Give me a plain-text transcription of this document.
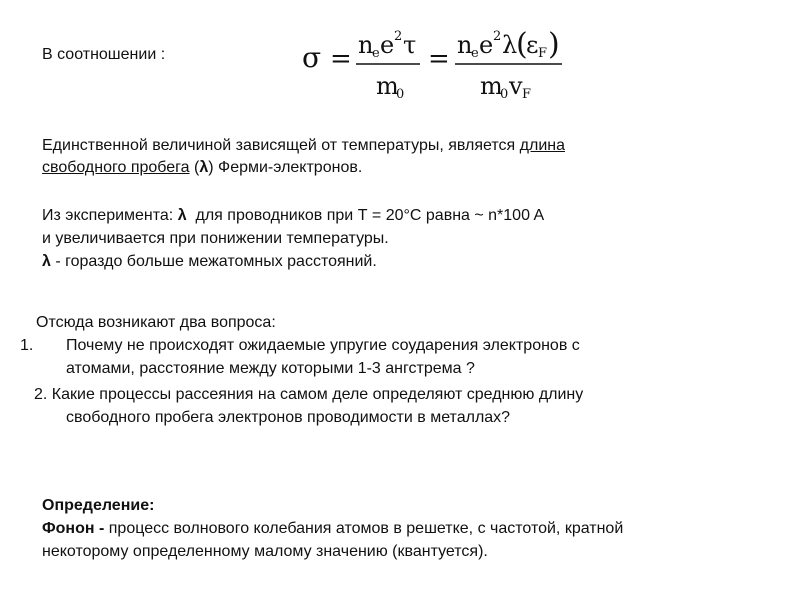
В соотношении :	σ = n
e e 2 τ
m
0
= n
e e 2 λ
(
ε F )
m
0 v F
Единственной величиной зависящей от температуры, является длина
свободного пробега (λ) Ферми-электронов.
Из эксперимента: λ  для проводников при Т = 20°С равна ~ n*100 A
и увеличивается при понижении температуры.
λ - гораздо больше межатомных расстояний.
Отсюда возникают два вопроса:
1. Почему не происходят ожидаемые упругие соударения электронов с
атомами, расстояние между которыми 1-3 ангстрема ?
2. Какие процессы рассеяния на самом деле определяют среднюю длину
свободного пробега электронов проводимости в металлах?
Определение:
Фонон - процесс волнового колебания атомов в решетке, с частотой, кратной
некоторому определенному малому значению (квантуется).
